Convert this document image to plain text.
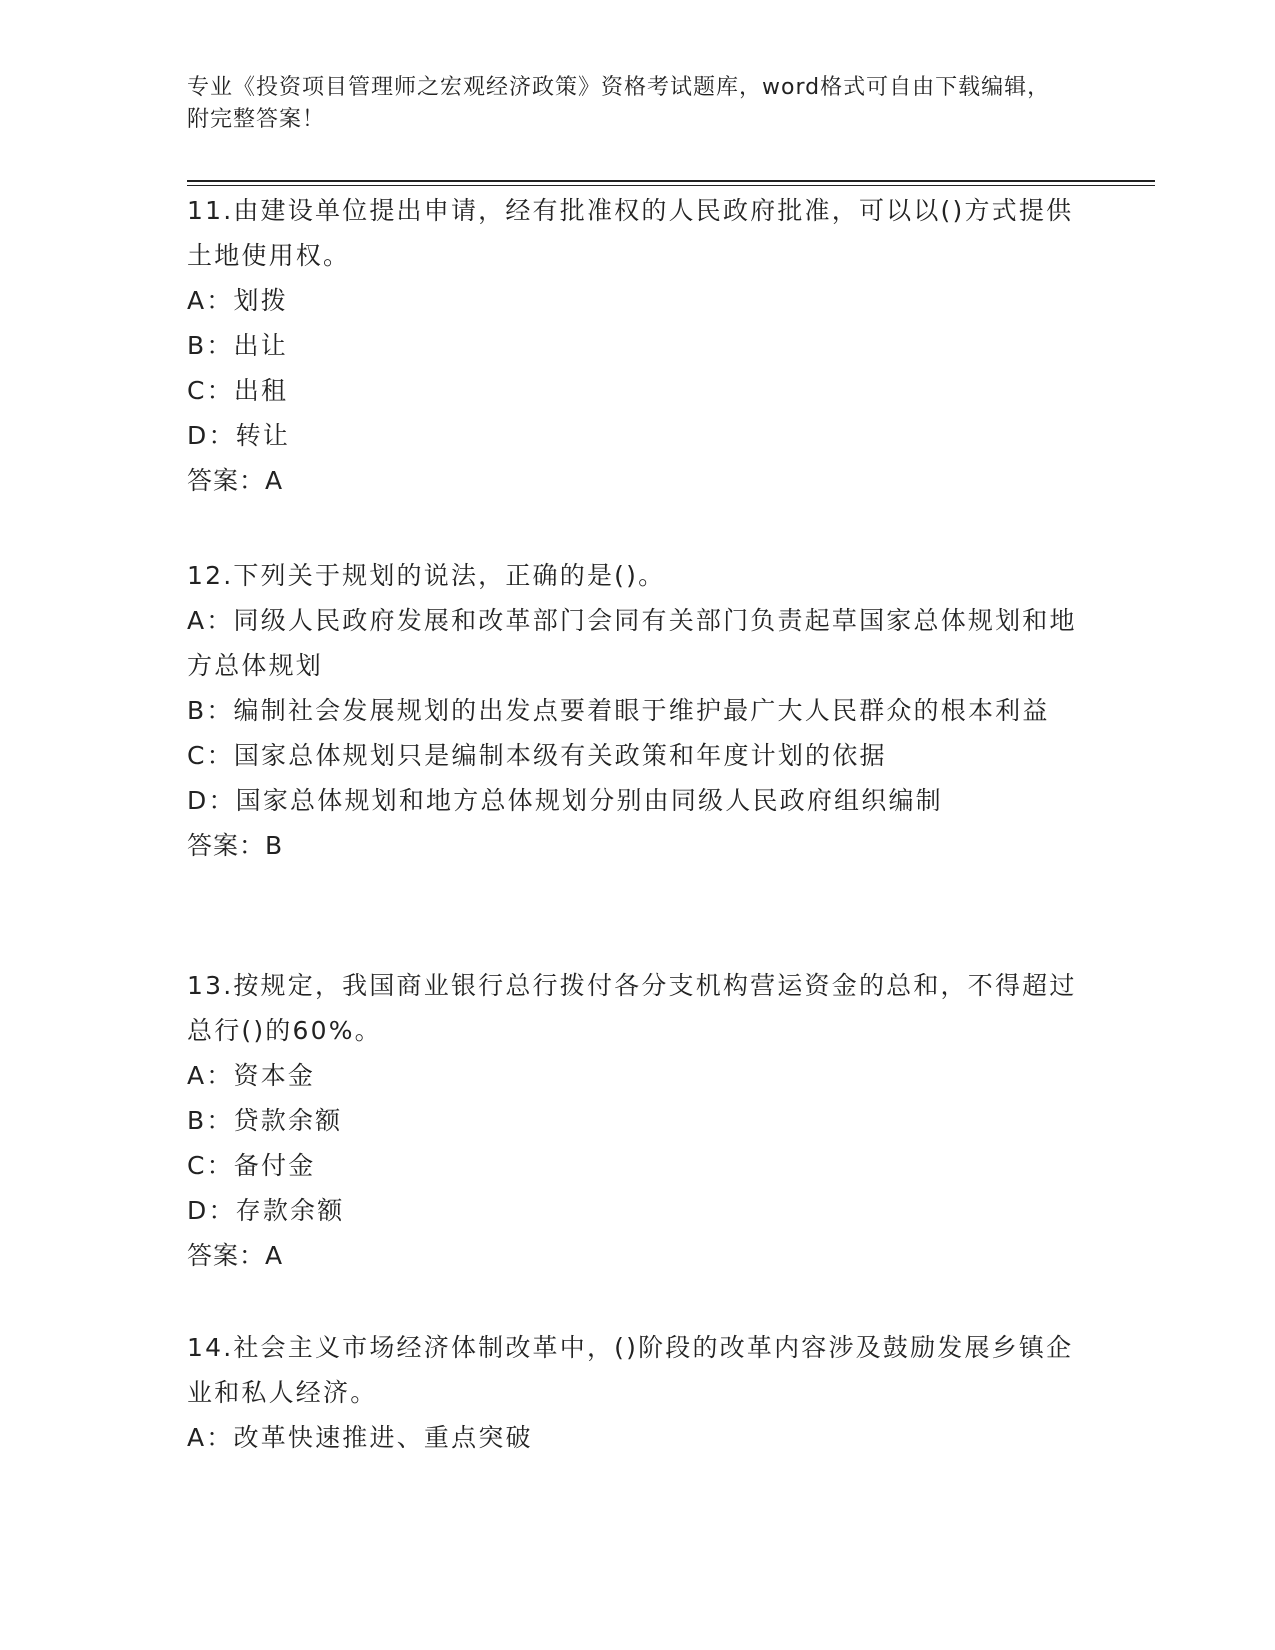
专业《投资项目管理师之宏观经济政策》资格考试题库，word格式可自由下载编辑，附完整答案！

11.由建设单位提出申请，经有批准权的人民政府批准，可以以()方式提供土地使用权。

A：划拨

B：出让

C：出租

D：转让

答案：A

12.下列关于规划的说法，正确的是()。

A：同级人民政府发展和改革部门会同有关部门负责起草国家总体规划和地方总体规划

B：编制社会发展规划的出发点要着眼于维护最广大人民群众的根本利益

C：国家总体规划只是编制本级有关政策和年度计划的依据

D：国家总体规划和地方总体规划分别由同级人民政府组织编制

答案：B

13.按规定，我国商业银行总行拨付各分支机构营运资金的总和，不得超过总行()的60%。

A：资本金

B：贷款余额

C：备付金

D：存款余额

答案：A

14.社会主义市场经济体制改革中，()阶段的改革内容涉及鼓励发展乡镇企业和私人经济。

A：改革快速推进、重点突破
